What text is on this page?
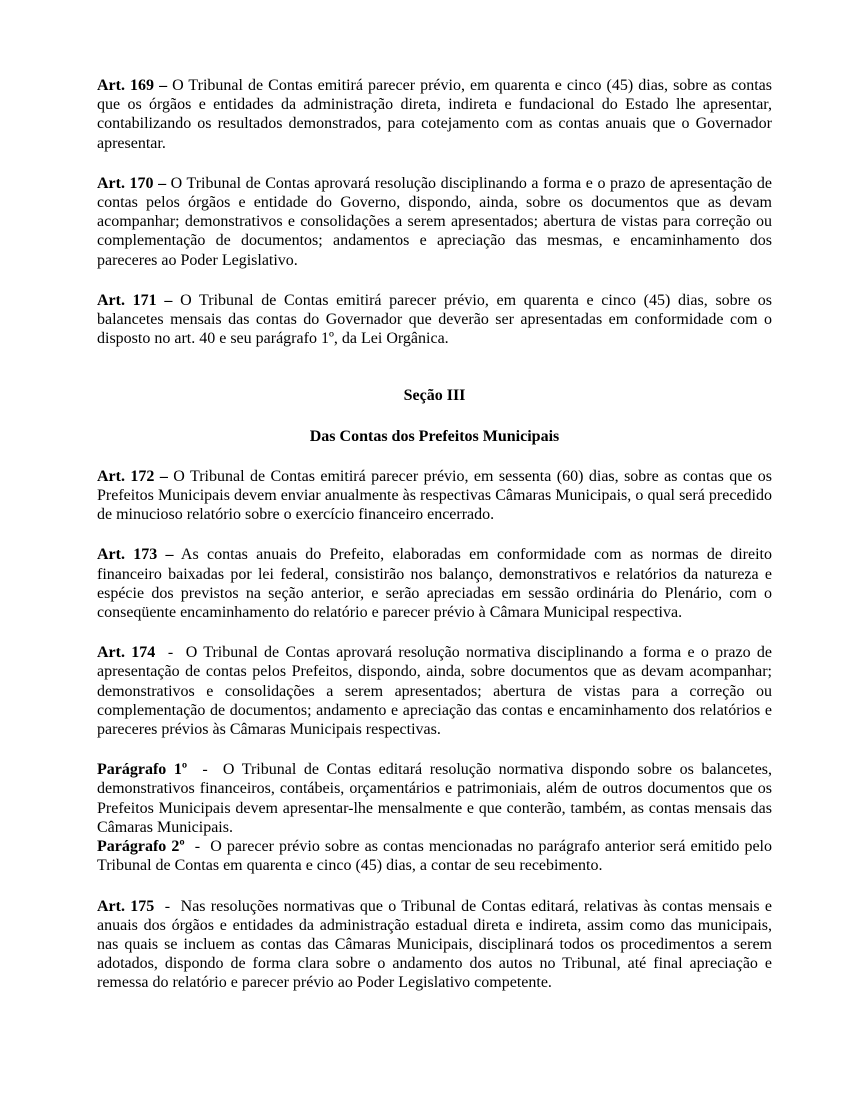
Art. 169 – O Tribunal de Contas emitirá parecer prévio, em quarenta e cinco (45) dias, sobre as contas que os órgãos e entidades da administração direta, indireta e fundacional do Estado lhe apresentar, contabilizando os resultados demonstrados, para cotejamento com as contas anuais que o Governador apresentar.

Art. 170 – O Tribunal de Contas aprovará resolução disciplinando a forma e o prazo de apresentação de contas pelos órgãos e entidade do Governo, dispondo, ainda, sobre os documentos que as devam acompanhar; demonstrativos e consolidações a serem apresentados; abertura de vistas para correção ou complementação de documentos; andamentos e apreciação das mesmas, e encaminhamento dos pareceres ao Poder Legislativo.

Art. 171 – O Tribunal de Contas emitirá parecer prévio, em quarenta e cinco (45) dias, sobre os balancetes mensais das contas do Governador que deverão ser apresentadas em conformidade com o disposto no art. 40 e seu parágrafo 1º, da Lei Orgânica.

Seção III

Das Contas dos Prefeitos Municipais

Art. 172 – O Tribunal de Contas emitirá parecer prévio, em sessenta (60) dias, sobre as contas que os Prefeitos Municipais devem enviar anualmente às respectivas Câmaras Municipais, o qual será precedido de minucioso relatório sobre o exercício financeiro encerrado.

Art. 173 – As contas anuais do Prefeito, elaboradas em conformidade com as normas de direito financeiro baixadas por lei federal, consistirão nos balanço, demonstrativos e relatórios da natureza e espécie dos previstos na seção anterior, e serão apreciadas em sessão ordinária do Plenário, com o conseqüente encaminhamento do relatório e parecer prévio à Câmara Municipal respectiva.

Art. 174  -  O Tribunal de Contas aprovará resolução normativa disciplinando a forma e o prazo de apresentação de contas pelos Prefeitos, dispondo, ainda, sobre documentos que as devam acompanhar; demonstrativos e consolidações a serem apresentados; abertura de vistas para a correção ou complementação de documentos; andamento e apreciação das contas e encaminhamento dos relatórios e pareceres prévios às Câmaras Municipais respectivas.

Parágrafo 1º  -  O Tribunal de Contas editará resolução normativa dispondo sobre os balancetes, demonstrativos financeiros, contábeis, orçamentários e patrimoniais, além de outros documentos que os Prefeitos Municipais devem apresentar-lhe mensalmente e que conterão, também, as contas mensais das Câmaras Municipais.

Parágrafo 2º  -  O parecer prévio sobre as contas mencionadas no parágrafo anterior será emitido pelo Tribunal de Contas em quarenta e cinco (45) dias, a contar de seu recebimento.

Art. 175  -  Nas resoluções normativas que o Tribunal de Contas editará, relativas às contas mensais e anuais dos órgãos e entidades da administração estadual direta e indireta, assim como das municipais, nas quais se incluem as contas das Câmaras Municipais, disciplinará todos os procedimentos a serem adotados, dispondo de forma clara sobre o andamento dos autos no Tribunal, até final apreciação e remessa do relatório e parecer prévio ao Poder Legislativo competente.
